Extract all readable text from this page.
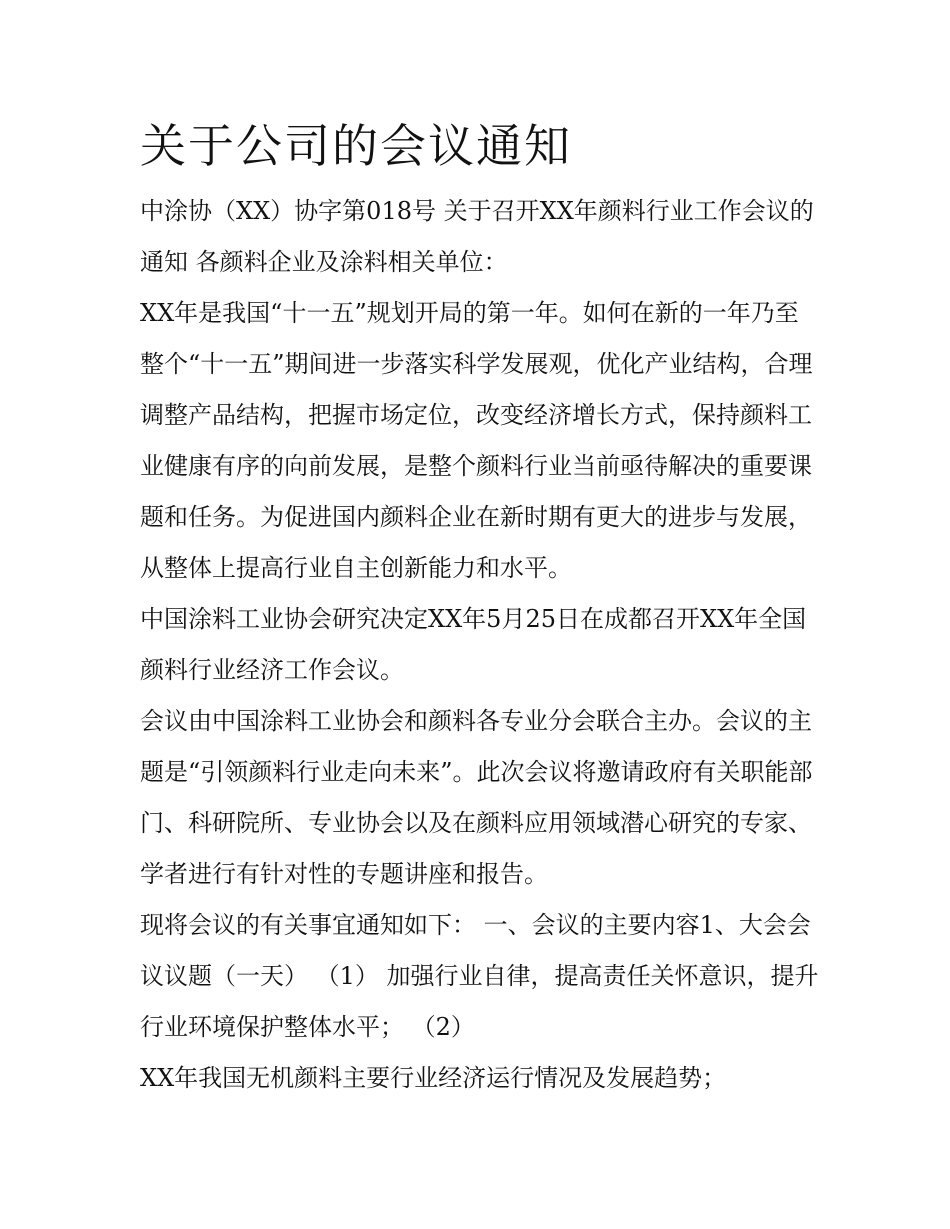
关于公司的会议通知

中涂协（XX）协字第018号 关于召开XX年颜料行业工作会议的通知 各颜料企业及涂料相关单位：

XX年是我国“十一五”规划开局的第一年。如何在新的一年乃至整个“十一五”期间进一步落实科学发展观，优化产业结构，合理调整产品结构，把握市场定位，改变经济增长方式，保持颜料工业健康有序的向前发展，是整个颜料行业当前亟待解决的重要课题和任务。为促进国内颜料企业在新时期有更大的进步与发展，从整体上提高行业自主创新能力和水平。

中国涂料工业协会研究决定XX年5月25日在成都召开XX年全国颜料行业经济工作会议。

会议由中国涂料工业协会和颜料各专业分会联合主办。会议的主题是“引领颜料行业走向未来”。此次会议将邀请政府有关职能部门、科研院所、专业协会以及在颜料应用领域潜心研究的专家、学者进行有针对性的专题讲座和报告。

现将会议的有关事宜通知如下： 一、会议的主要内容1、大会会议议题（一天） （1） 加强行业自律，提高责任关怀意识，提升行业环境保护整体水平； （2）

XX年我国无机颜料主要行业经济运行情况及发展趋势；
